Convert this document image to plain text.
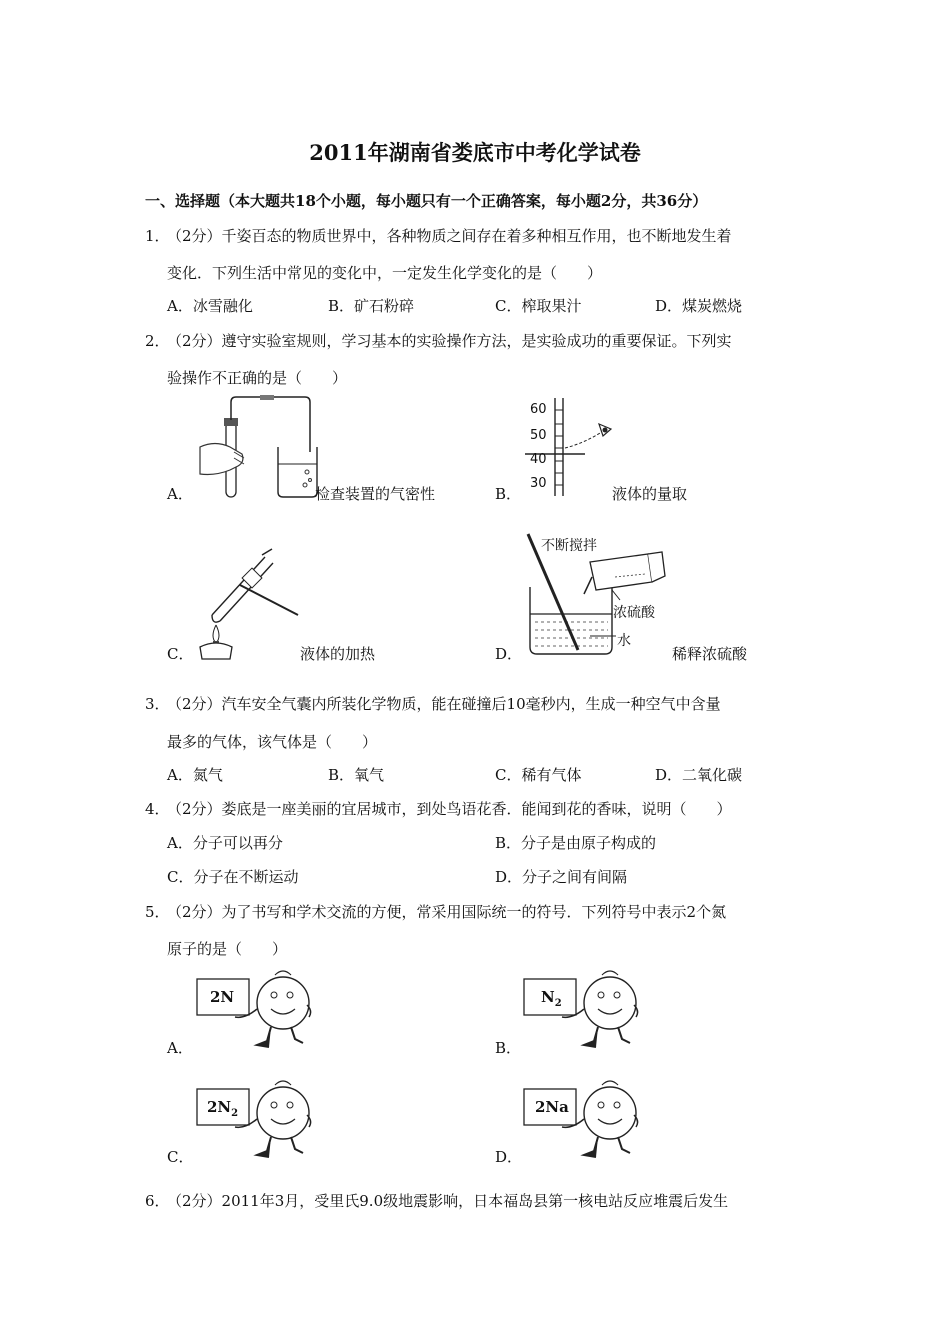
2011年湖南省娄底市中考化学试卷
一、选择题（本大题共18个小题，每小题只有一个正确答案，每小题2分，共36分）
1．
（2分）千姿百态的物质世界中，各种物质之间存在着多种相互作用，也不断地发生着
变化．下列生活中常见的变化中，一定发生化学变化的是（　　）
A．冰雪融化	B．矿石粉碎	C．榨取果汁	D．煤炭燃烧
2．
（2分）遵守实验室规则，学习基本的实验操作方法，是实验成功的重要保证。下列实
验操作不正确的是（　　）
A．	检查装置的气密性	B．
60
50
40
30
液体的量取
C．	液体的加热	D．
不断搅拌
浓硫酸
水
稀释浓硫酸
3．
（2分）汽车安全气囊内所装化学物质，能在碰撞后10毫秒内，生成一种空气中含量
最多的气体，该气体是（　　）
A．氮气	B．氧气	C．稀有气体	D．二氧化碳
4．
（2分）娄底是一座美丽的宜居城市，到处鸟语花香．能闻到花的香味，说明（　　）
A．分子可以再分	B．分子是由原子构成的
C．分子在不断运动	D．分子之间有间隔
5．
（2分）为了书写和学术交流的方便，常采用国际统一的符号．下列符号中表示2个氮
原子的是（　　）
A．
2N
B．
$N_2$
C．
$2N_2$
D．
2Na
6．
（2分）2011年3月，受里氏9.0级地震影响，日本福岛县第一核电站反应堆震后发生
